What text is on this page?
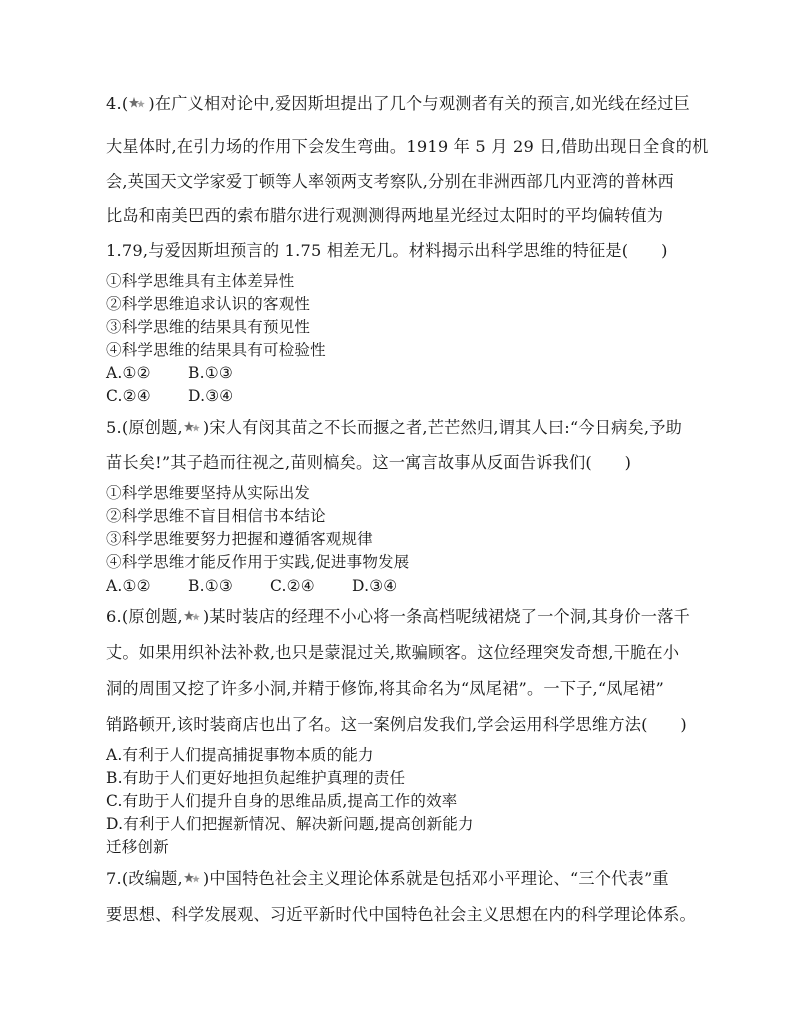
4.( )在广义相对论中,爱因斯坦提出了几个与观测者有关的预言,如光线在经过巨
大星体时,在引力场的作用下会发生弯曲。1919 年 5 月 29 日,借助出现日全食的机
会,英国天文学家爱丁顿等人率领两支考察队,分别在非洲西部几内亚湾的普林西
比岛和南美巴西的索布腊尔进行观测测得两地星光经过太阳时的平均偏转值为
1.79,与爱因斯坦预言的 1.75 相差无几。材料揭示出科学思维的特征是(　　)
①科学思维具有主体差异性
②科学思维追求认识的客观性
③科学思维的结果具有预见性
④科学思维的结果具有可检验性
A.①② B.①③
C.②④ D.③④
5.(原创题, )宋人有闵其苗之不长而揠之者,芒芒然归,谓其人曰:“今日病矣,予助
苗长矣!”其子趋而往视之,苗则槁矣。这一寓言故事从反面告诉我们(　　)
①科学思维要坚持从实际出发
②科学思维不盲目相信书本结论
③科学思维要努力把握和遵循客观规律
④科学思维才能反作用于实践,促进事物发展
A.①② B.①③ C.②④ D.③④
6.(原创题, )某时装店的经理不小心将一条高档呢绒裙烧了一个洞,其身价一落千
丈。如果用织补法补救,也只是蒙混过关,欺骗顾客。这位经理突发奇想,干脆在小
洞的周围又挖了许多小洞,并精于修饰,将其命名为“凤尾裙”。一下子,“凤尾裙”
销路顿开,该时装商店也出了名。这一案例启发我们,学会运用科学思维方法(　　)
A.有利于人们提高捕捉事物本质的能力
B.有助于人们更好地担负起维护真理的责任
C.有助于人们提升自身的思维品质,提高工作的效率
D.有利于人们把握新情况、解决新问题,提高创新能力
迁移创新
7.(改编题, )中国特色社会主义理论体系就是包括邓小平理论、“三个代表”重
要思想、科学发展观、习近平新时代中国特色社会主义思想在内的科学理论体系。
